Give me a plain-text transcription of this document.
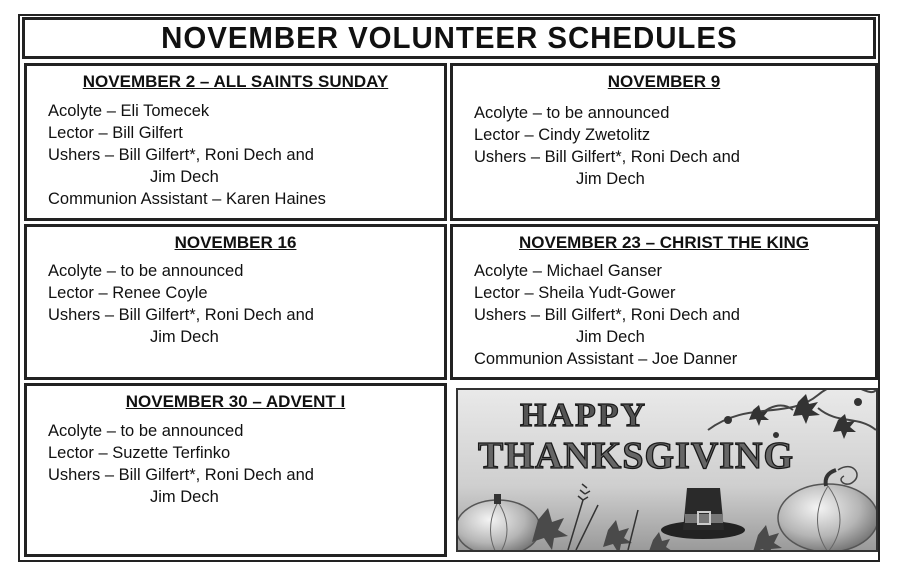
NOVEMBER VOLUNTEER SCHEDULES
NOVEMBER 2 – ALL SAINTS SUNDAY
Acolyte – Eli Tomecek
Lector – Bill Gilfert
Ushers – Bill Gilfert*, Roni Dech and
Jim Dech
Communion Assistant – Karen Haines
NOVEMBER 9
Acolyte – to be announced
Lector – Cindy Zwetolitz
Ushers – Bill Gilfert*, Roni Dech and
Jim Dech
NOVEMBER 16
Acolyte – to be announced
Lector – Renee Coyle
Ushers – Bill Gilfert*, Roni Dech and
Jim Dech
NOVEMBER 23 – CHRIST THE KING
Acolyte – Michael Ganser
Lector – Sheila Yudt-Gower
Ushers – Bill Gilfert*, Roni Dech and
Jim Dech
Communion Assistant – Joe Danner
NOVEMBER 30 – ADVENT I
Acolyte – to be announced
Lector – Suzette Terfinko
Ushers – Bill Gilfert*, Roni Dech and
Jim Dech
HAPPY
THANKSGIVING
